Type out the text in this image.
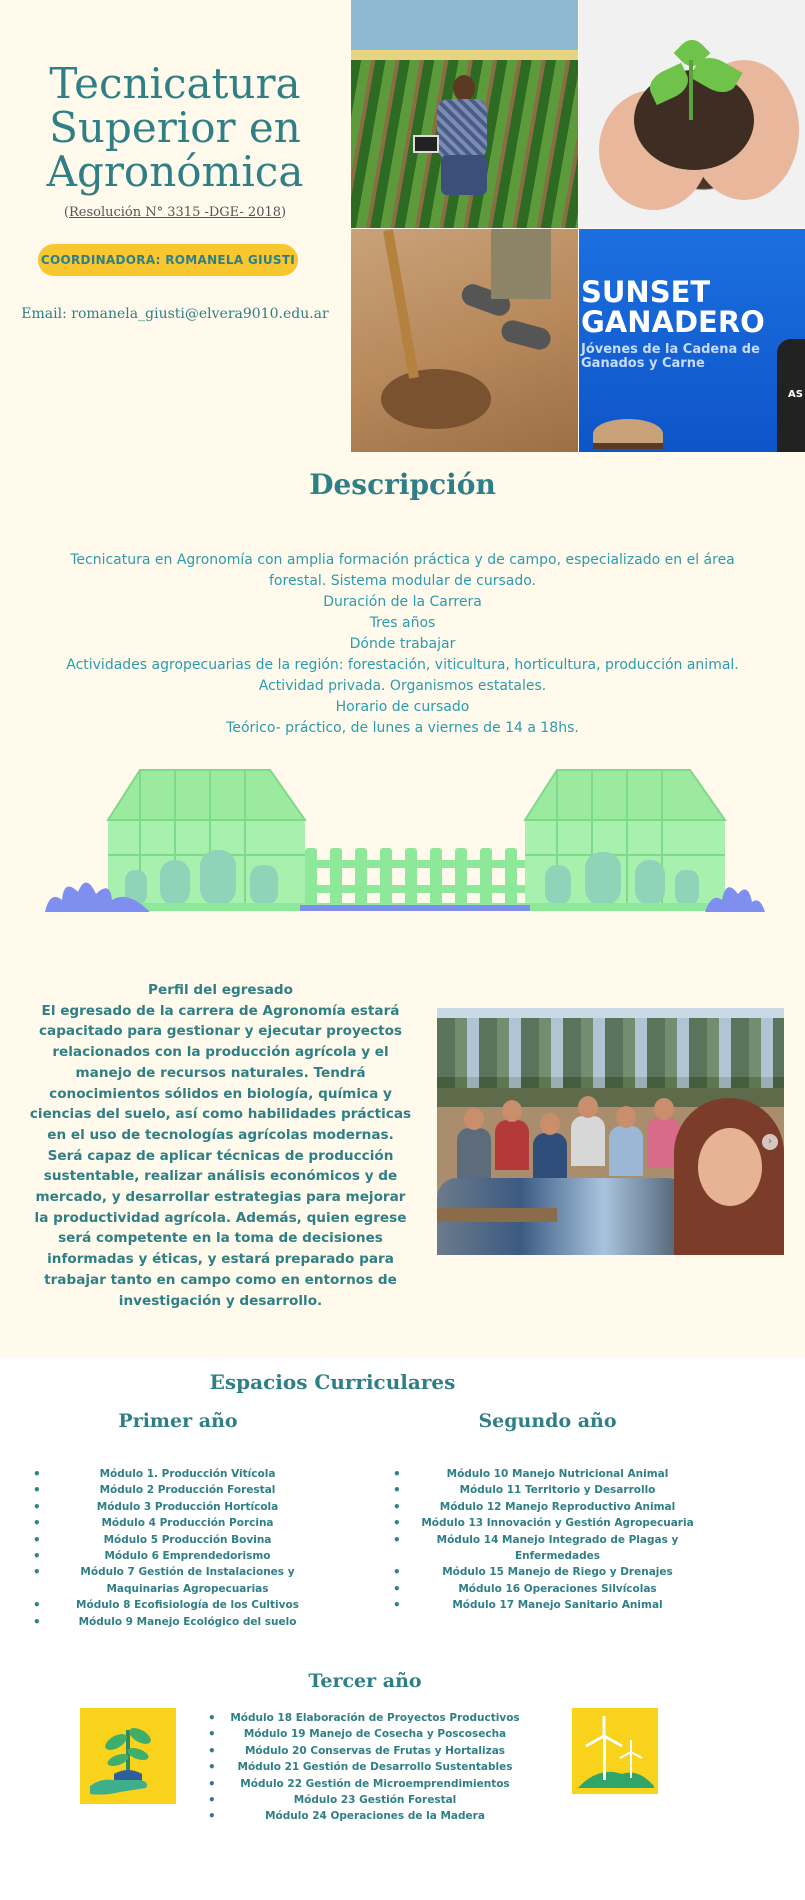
Tecnicatura Superior en Agronómica
(Resolución N° 3315 -DGE- 2018)
COORDINADORA: ROMANELA GIUSTI
Email: romanela_giusti@elvera9010.edu.ar
SUNSET
GANADERO
Jóvenes de la Cadena de Ganados y Carne
AS
Descripción

Tecnicatura en Agronomía con amplia formación práctica y de campo, especializado en el área forestal. Sistema modular de cursado.

Duración de la Carrera

Tres años

Dónde trabajar

Actividades agropecuarias de la región: forestación, viticultura, horticultura, producción animal.

Actividad privada. Organismos estatales.

Horario de cursado

Teórico- práctico, de lunes a viernes de 14 a 18hs.

Perfil del egresado
El egresado de la carrera de Agronomía estará capacitado para gestionar y ejecutar proyectos relacionados con la producción agrícola y el manejo de recursos naturales. Tendrá conocimientos sólidos en biología, química y ciencias del suelo, así como habilidades prácticas en el uso de tecnologías agrícolas modernas. Será capaz de aplicar técnicas de producción sustentable, realizar análisis económicos y de mercado, y desarrollar estrategias para mejorar la productividad agrícola. Además, quien egrese será competente en la toma de decisiones informadas y éticas, y estará preparado para trabajar tanto en campo como en entornos de investigación y desarrollo.
›
Espacios Curriculares
Primer año	Segundo año
• Módulo 1. Producción Vitícola
• Módulo 2 Producción Forestal
• Módulo 3 Producción Hortícola
• Módulo 4 Producción Porcina
• Módulo 5 Producción Bovina
• Módulo 6 Emprendedorismo
• Módulo 7 Gestión de Instalaciones y Maquinarias Agropecuarias
• Módulo 8 Ecofisiología de los Cultivos
• Módulo 9 Manejo Ecológico del suelo
• Módulo 10 Manejo Nutricional Animal
• Módulo 11 Territorio y Desarrollo
• Módulo 12 Manejo Reproductivo Animal
• Módulo 13 Innovación y Gestión Agropecuaria
• Módulo 14 Manejo Integrado de Plagas y Enfermedades
• Módulo 15 Manejo de Riego y Drenajes
• Módulo 16 Operaciones Silvícolas
• Módulo 17 Manejo Sanitario Animal
Tercer año
• Módulo 18 Elaboración de Proyectos Productivos
• Módulo 19 Manejo de Cosecha y Poscosecha
• Módulo 20 Conservas de Frutas y Hortalizas
• Módulo 21 Gestión de Desarrollo Sustentables
• Módulo 22 Gestión de Microemprendimientos
• Módulo 23 Gestión Forestal
• Módulo 24 Operaciones de la Madera
